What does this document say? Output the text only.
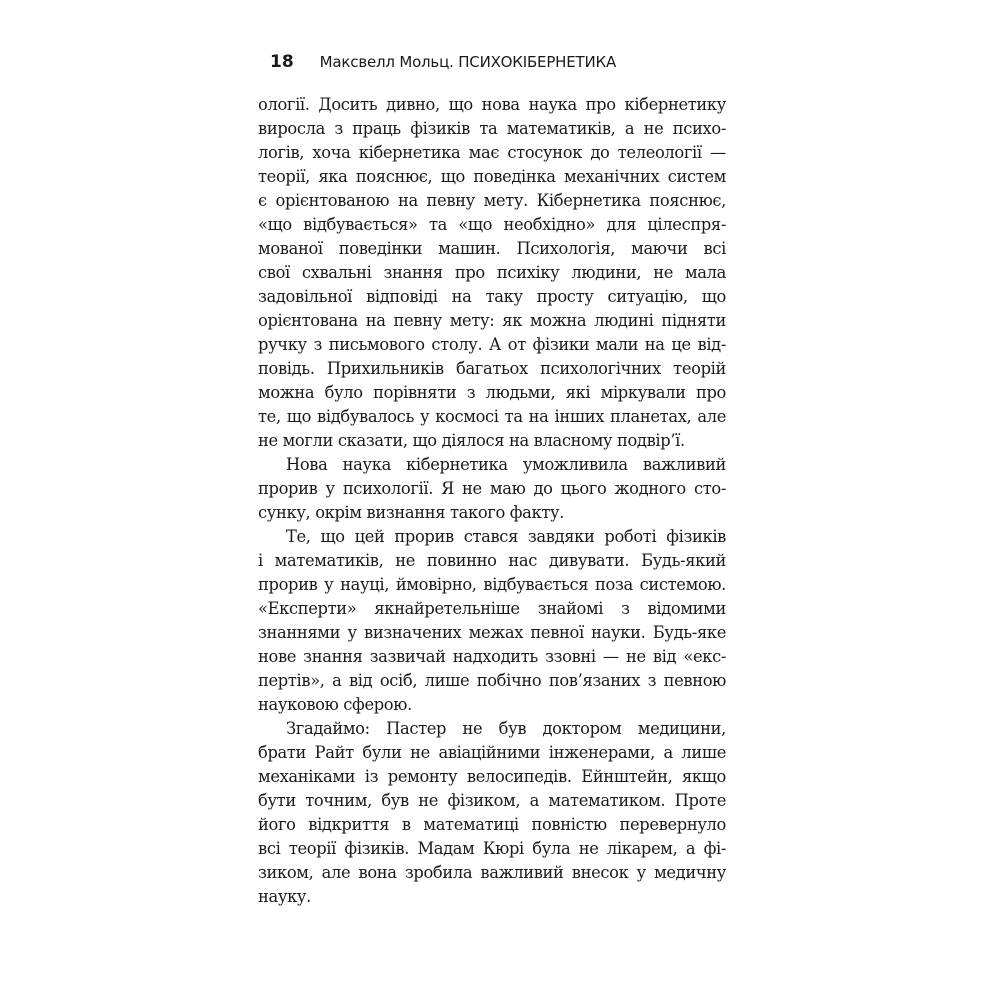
18 Максвелл Мольц. ПСИХОКІБЕРНЕТИКА
ології. Досить дивно, що нова наука про кібернетику
виросла з праць фізиків та математиків, а не психо-
логів, хоча кібернетика має стосунок до телеології —
теорії, яка пояснює, що поведінка механічних систем
є орієнтованою на певну мету. Кібернетика пояснює,
«що відбувається» та «що необхідно» для цілеспря-
мованої поведінки машин. Психологія, маючи всі
свої схвальні знання про психіку людини, не мала
задовільної відповіді на таку просту ситуацію, що
орієнтована на певну мету: як можна людині підняти
ручку з письмового столу. А от фізики мали на це від-
повідь. Прихильників багатьох психологічних теорій
можна було порівняти з людьми, які міркували про
те, що відбувалось у космосі та на інших планетах, але
не могли сказати, що діялося на власному подвір’ї.
Нова наука кібернетика уможливила важливий
прорив у психології. Я не маю до цього жодного сто-
сунку, окрім визнання такого факту.
Те, що цей прорив стався завдяки роботі фізиків
і математиків, не повинно нас дивувати. Будь-який
прорив у науці, ймовірно, відбувається поза системою.
«Експерти» якнайретельніше знайомі з відомими
знаннями у визначених межах певної науки. Будь-яке
нове знання зазвичай надходить ззовні — не від «екс-
пертів», а від осіб, лише побічно пов’язаних з певною
науковою сферою.
Згадаймо: Пастер не був доктором медицини,
брати Райт були не авіаційними інженерами, а лише
механіками із ремонту велосипедів. Ейнштейн, якщо
бути точним, був не фізиком, а математиком. Проте
його відкриття в математиці повністю перевернуло
всі теорії фізиків. Мадам Кюрі була не лікарем, а фі-
зиком, але вона зробила важливий внесок у медичну
науку.
